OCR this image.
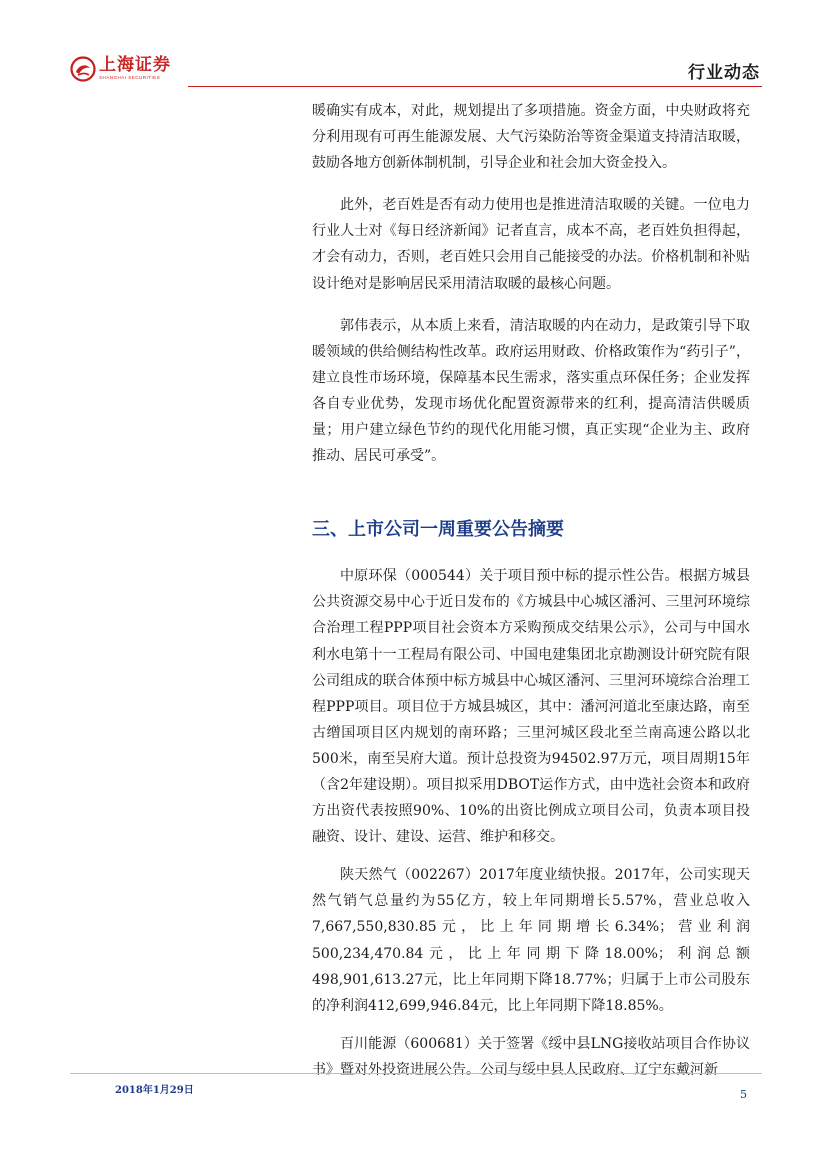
上海证券
SHANGHAI SECURITIES	行业动态

暖确实有成本，对此，规划提出了多项措施。资金方面，中央财政将充分利用现有可再生能源发展、大气污染防治等资金渠道支持清洁取暖，鼓励各地方创新体制机制，引导企业和社会加大资金投入。

此外，老百姓是否有动力使用也是推进清洁取暖的关键。一位电力行业人士对《每日经济新闻》记者直言，成本不高，老百姓负担得起，才会有动力，否则，老百姓只会用自己能接受的办法。价格机制和补贴设计绝对是影响居民采用清洁取暖的最核心问题。

郭伟表示，从本质上来看，清洁取暖的内在动力，是政策引导下取暖领域的供给侧结构性改革。政府运用财政、价格政策作为“药引子”，建立良性市场环境，保障基本民生需求，落实重点环保任务；企业发挥各自专业优势，发现市场优化配置资源带来的红利，提高清洁供暖质量；用户建立绿色节约的现代化用能习惯，真正实现“企业为主、政府推动、居民可承受”。

三、上市公司一周重要公告摘要

中原环保（000544）关于项目预中标的提示性公告。根据方城县公共资源交易中心于近日发布的《方城县中心城区潘河、三里河环境综合治理工程PPP项目社会资本方采购预成交结果公示》，公司与中国水利水电第十一工程局有限公司、中国电建集团北京勘测设计研究院有限公司组成的联合体预中标方城县中心城区潘河、三里河环境综合治理工程PPP项目。项目位于方城县城区，其中：潘河河道北至康达路，南至古缯国项目区内规划的南环路；三里河城区段北至兰南高速公路以北500米，南至吴府大道。预计总投资为94502.97万元，项目周期15年（含2年建设期）。项目拟采用DBOT运作方式，由中选社会资本和政府方出资代表按照90%、10%的出资比例成立项目公司，负责本项目投融资、设计、建设、运营、维护和移交。

陕天然气（002267）2017年度业绩快报。2017年，公司实现天然气销气总量约为55亿方，较上年同期增长5.57%，营业总收入7,667,550,830.85元，比上年同期增长6.34%；营业利润500,234,470.84元，比上年同期下降18.00%；利润总额498,901,613.27元，比上年同期下降18.77%；归属于上市公司股东的净利润412,699,946.84元，比上年同期下降18.85%。

百川能源（600681）关于签署《绥中县LNG接收站项目合作协议书》暨对外投资进展公告。公司与绥中县人民政府、辽宁东戴河新

2018年1月29日	5
